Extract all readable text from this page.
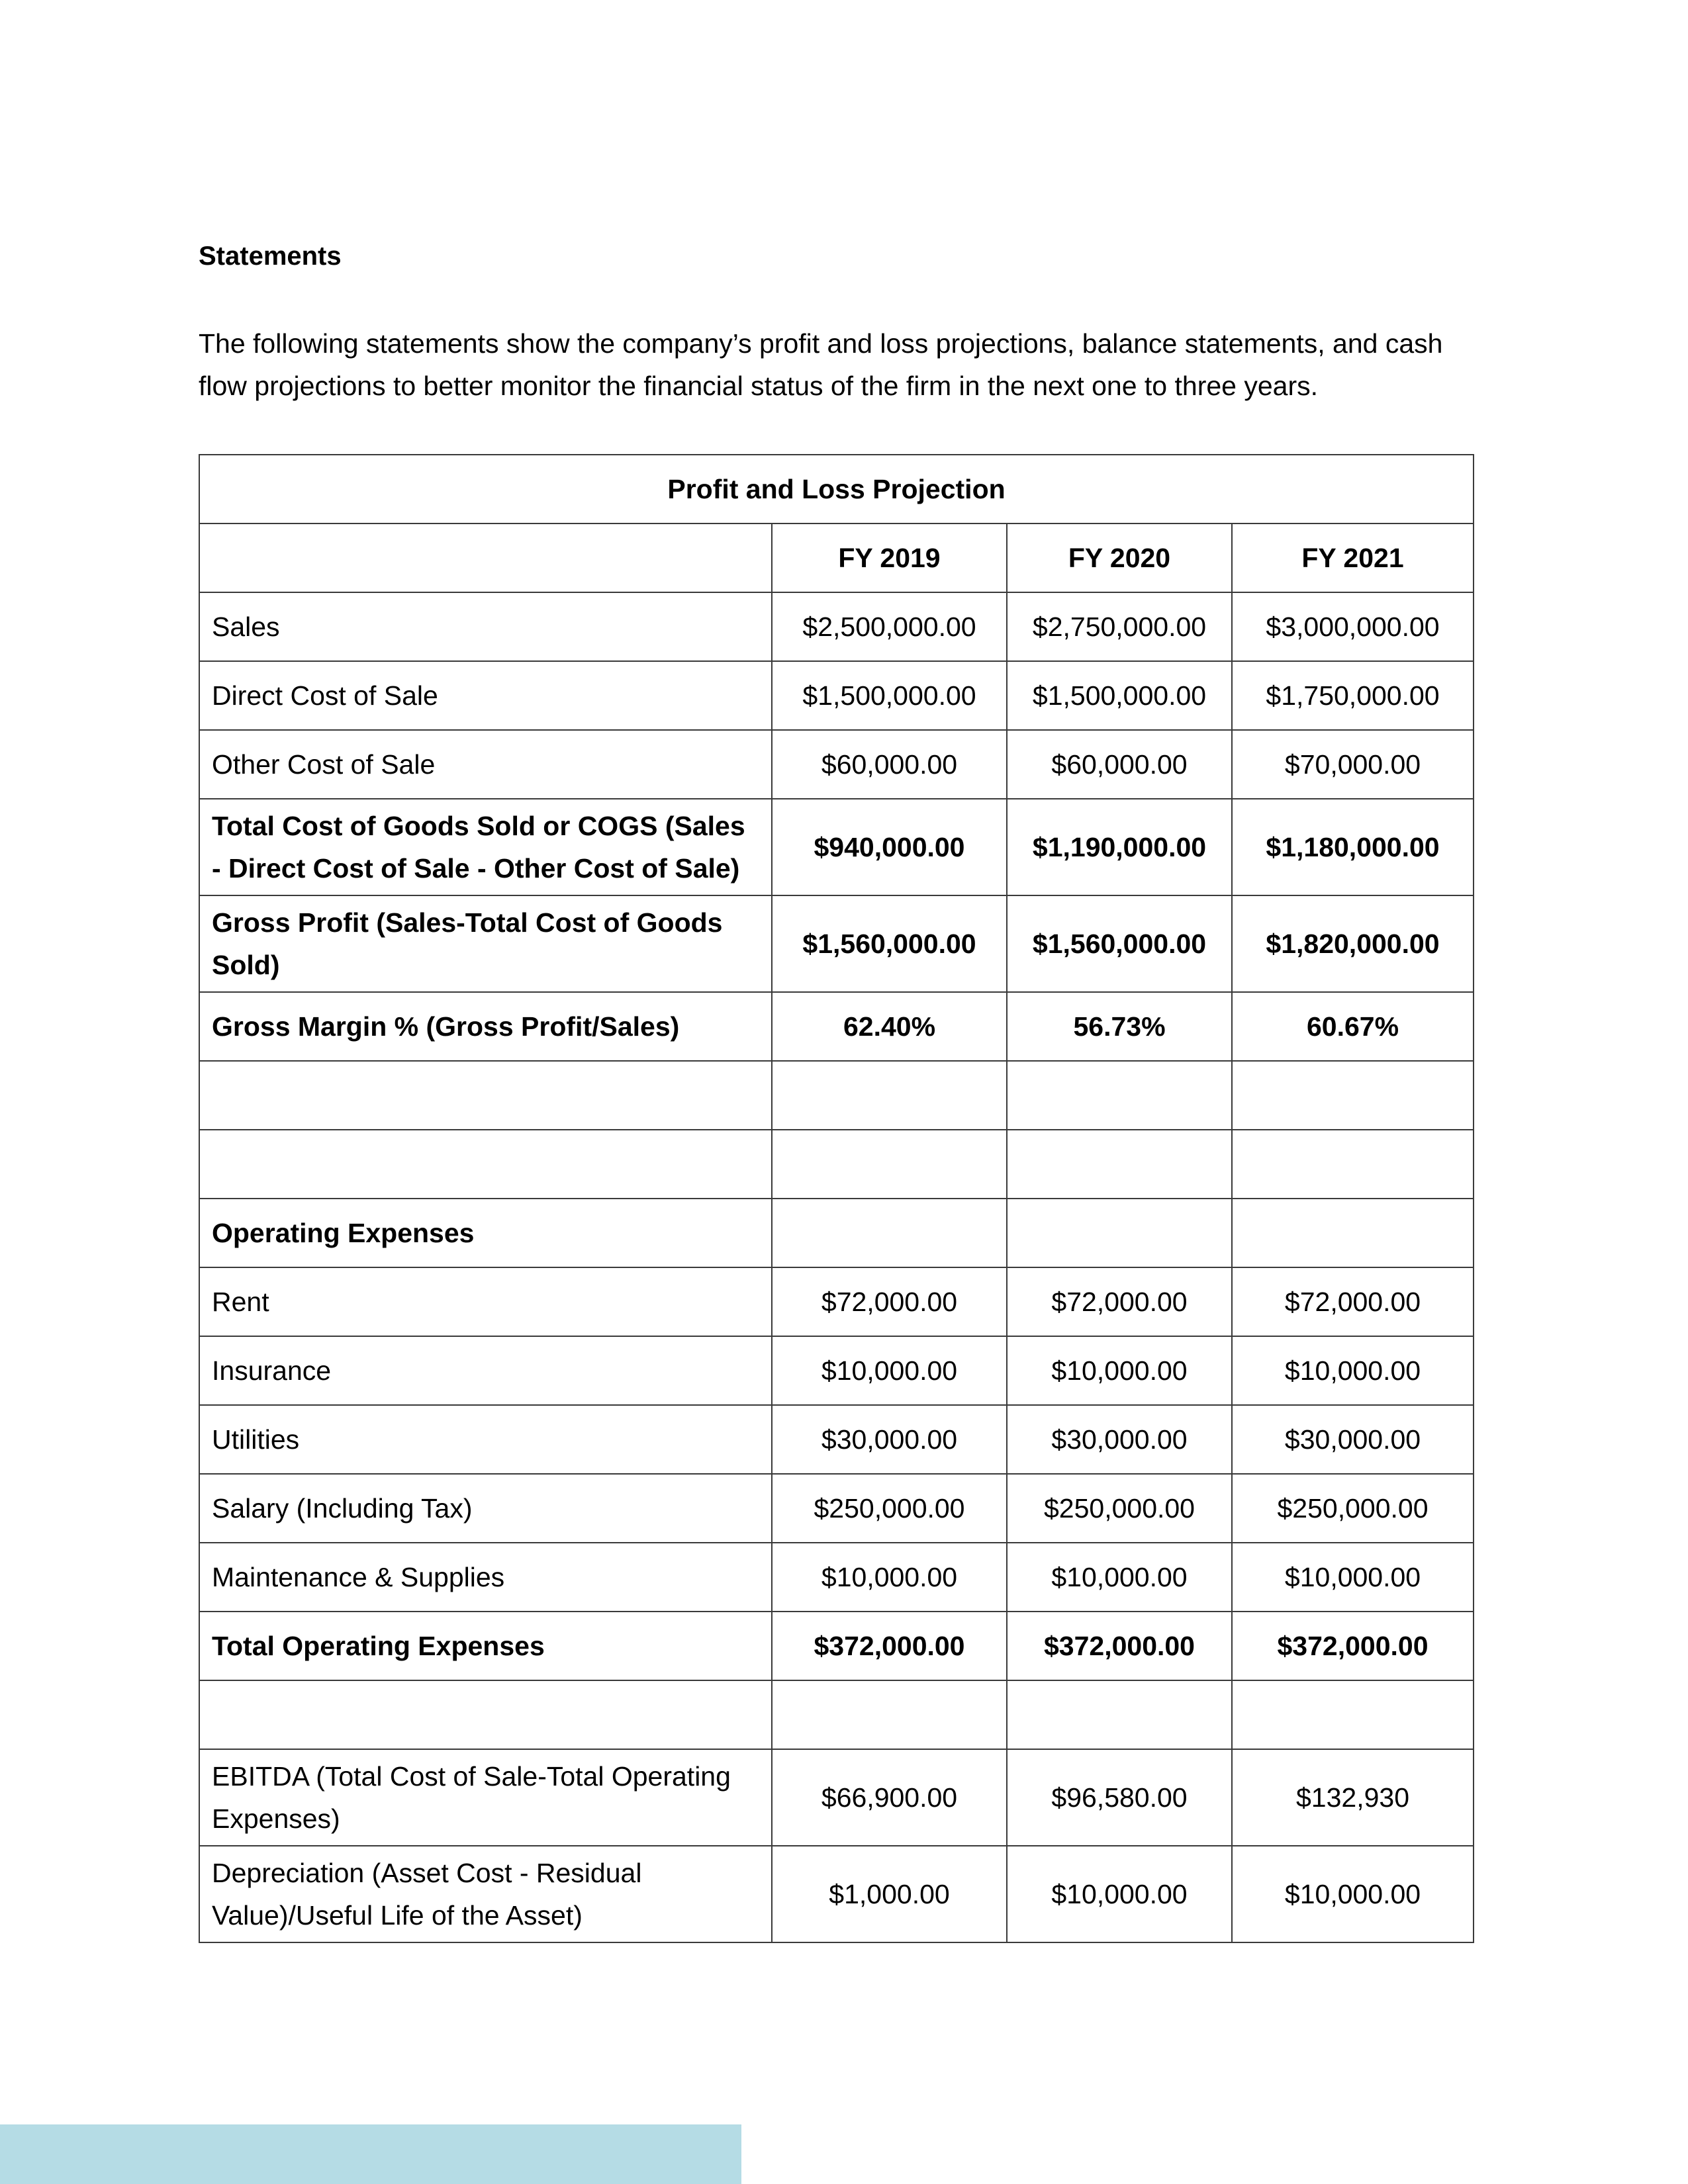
Statements

The following statements show the company’s profit and loss projections, balance statements, and cash flow projections to better monitor the financial status of the firm in the next one to three years.

Profit and Loss Projection			
	FY 2019	FY 2020	FY 2021
Sales	$2,500,000.00	$2,750,000.00	$3,000,000.00
Direct Cost of Sale	$1,500,000.00	$1,500,000.00	$1,750,000.00
Other Cost of Sale	$60,000.00	$60,000.00	$70,000.00
Total Cost of Goods Sold or COGS (Sales - Direct Cost of Sale - Other Cost of Sale)	$940,000.00	$1,190,000.00	$1,180,000.00
Gross Profit (Sales-Total Cost of Goods Sold)	$1,560,000.00	$1,560,000.00	$1,820,000.00
Gross Margin % (Gross Profit/Sales)	62.40%	56.73%	60.67%

Operating Expenses			
Rent	$72,000.00	$72,000.00	$72,000.00
Insurance	$10,000.00	$10,000.00	$10,000.00
Utilities	$30,000.00	$30,000.00	$30,000.00
Salary (Including Tax)	$250,000.00	$250,000.00	$250,000.00
Maintenance & Supplies	$10,000.00	$10,000.00	$10,000.00
Total Operating Expenses	$372,000.00	$372,000.00	$372,000.00

EBITDA (Total Cost of Sale-Total Operating Expenses)	$66,900.00	$96,580.00	$132,930
Depreciation (Asset Cost - Residual Value)/Useful Life of the Asset)	$1,000.00	$10,000.00	$10,000.00
